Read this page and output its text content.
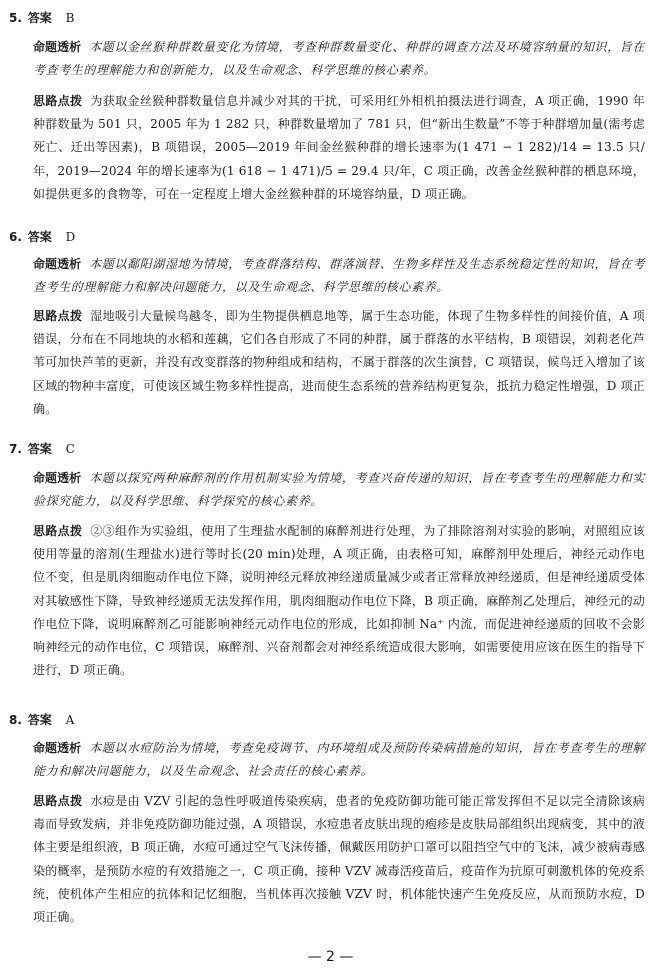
5. 答案 B

命题透析 本题以金丝猴种群数量变化为情境，考查种群数量变化、种群的调查方法及环境容纳量的知识，旨在考查考生的理解能力和创新能力，以及生命观念、科学思维的核心素养。

思路点拨 为获取金丝猴种群数量信息并减少对其的干扰，可采用红外相机拍摄法进行调查，A 项正确，1990 年种群数量为 501 只，2005 年为 1 282 只，种群数量增加了 781 只，但“新出生数量”不等于种群增加量(需考虑死亡、迁出等因素)，B 项错误，2005—2019 年间金丝猴种群的增长速率为(1 471 − 1 282)/14 = 13.5 只/年，2019—2024 年的增长速率为(1 618 − 1 471)/5 = 29.4 只/年，C 项正确，改善金丝猴种群的栖息环境，如提供更多的食物等，可在一定程度上增大金丝猴种群的环境容纳量，D 项正确。

6. 答案 D

命题透析 本题以鄱阳湖湿地为情境，考查群落结构、群落演替、生物多样性及生态系统稳定性的知识，旨在考查考生的理解能力和解决问题能力，以及生命观念、科学思维的核心素养。

思路点拨 湿地吸引大量候鸟越冬，即为生物提供栖息地等，属于生态功能，体现了生物多样性的间接价值，A 项错误，分布在不同地块的水稻和莲藕，它们各自形成了不同的种群，属于群落的水平结构，B 项错误，刘莉老化芦苇可加快芦苇的更新，并没有改变群落的物种组成和结构，不属于群落的次生演替，C 项错误，候鸟迁入增加了该区域的物种丰富度，可使该区域生物多样性提高，进而使生态系统的营养结构更复杂，抵抗力稳定性增强，D 项正确。

7. 答案 C

命题透析 本题以探究两种麻醉剂的作用机制实验为情境，考查兴奋传递的知识，旨在考查考生的理解能力和实验探究能力，以及科学思维、科学探究的核心素养。

思路点拨 ②③组作为实验组，使用了生理盐水配制的麻醉剂进行处理，为了排除溶剂对实验的影响，对照组应该使用等量的溶剂(生理盐水)进行等时长(20 min)处理，A 项正确，由表格可知，麻醉剂甲处理后，神经元动作电位不变，但是肌肉细胞动作电位下降，说明神经元释放神经递质量减少或者正常释放神经递质，但是神经递质受体对其敏感性下降，导致神经递质无法发挥作用，肌肉细胞动作电位下降，B 项正确，麻醉剂乙处理后，神经元的动作电位下降，说明麻醉剂乙可能影响神经元动作电位的形成，比如抑制 Na⁺ 内流，而促进神经递质的回收不会影响神经元的动作电位，C 项错误，麻醉剂、兴奋剂都会对神经系统造成很大影响，如需要使用应该在医生的指导下进行，D 项正确。

8. 答案 A

命题透析 本题以水痘防治为情境，考查免疫调节、内环境组成及预防传染病措施的知识，旨在考查考生的理解能力和解决问题能力，以及生命观念、社会责任的核心素养。

思路点拨 水痘是由 VZV 引起的急性呼吸道传染疾病，患者的免疫防御功能可能正常发挥但不足以完全清除该病毒而导致发病，并非免疫防御功能过强，A 项错误，水痘患者皮肤出现的疱疹是皮肤局部组织出现病变，其中的液体主要是组织液，B 项正确，水痘可通过空气飞沫传播，佩戴医用防护口罩可以阻挡空气中的飞沫，减少被病毒感染的概率，是预防水痘的有效措施之一，C 项正确，接种 VZV 减毒活疫苗后，疫苗作为抗原可刺激机体的免疫系统，使机体产生相应的抗体和记忆细胞，当机体再次接触 VZV 时，机体能快速产生免疫反应，从而预防水痘，D 项正确。

— 2 —
